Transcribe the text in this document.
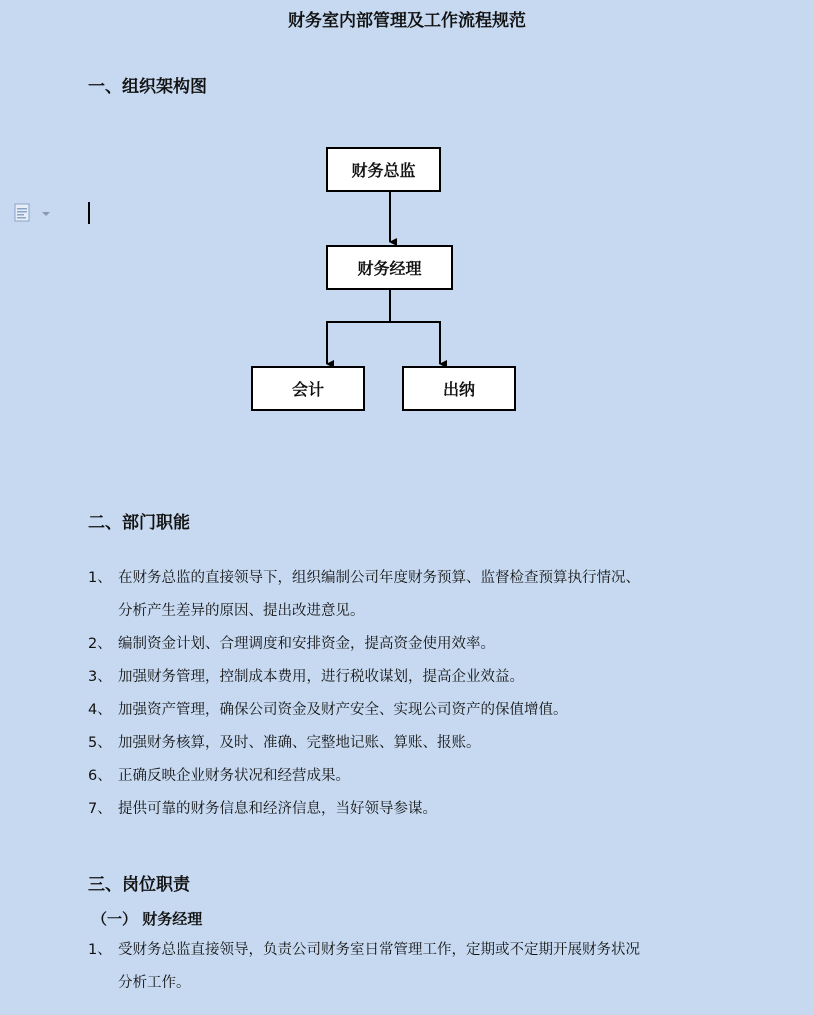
财务室内部管理及工作流程规范
一、组织架构图
财务总监
财务经理
会计	出纳
二、部门职能
1、 在财务总监的直接领导下，组织编制公司年度财务预算、监督检查预算执行情况、
分析产生差异的原因、提出改进意见。
2、 编制资金计划、合理调度和安排资金，提高资金使用效率。
3、 加强财务管理，控制成本费用，进行税收谋划，提高企业效益。
4、 加强资产管理，确保公司资金及财产安全、实现公司资产的保值增值。
5、 加强财务核算，及时、准确、完整地记账、算账、报账。
6、 正确反映企业财务状况和经营成果。
7、 提供可靠的财务信息和经济信息，当好领导参谋。
三、岗位职责
（一） 财务经理
1、 受财务总监直接领导，负责公司财务室日常管理工作，定期或不定期开展财务状况
分析工作。
